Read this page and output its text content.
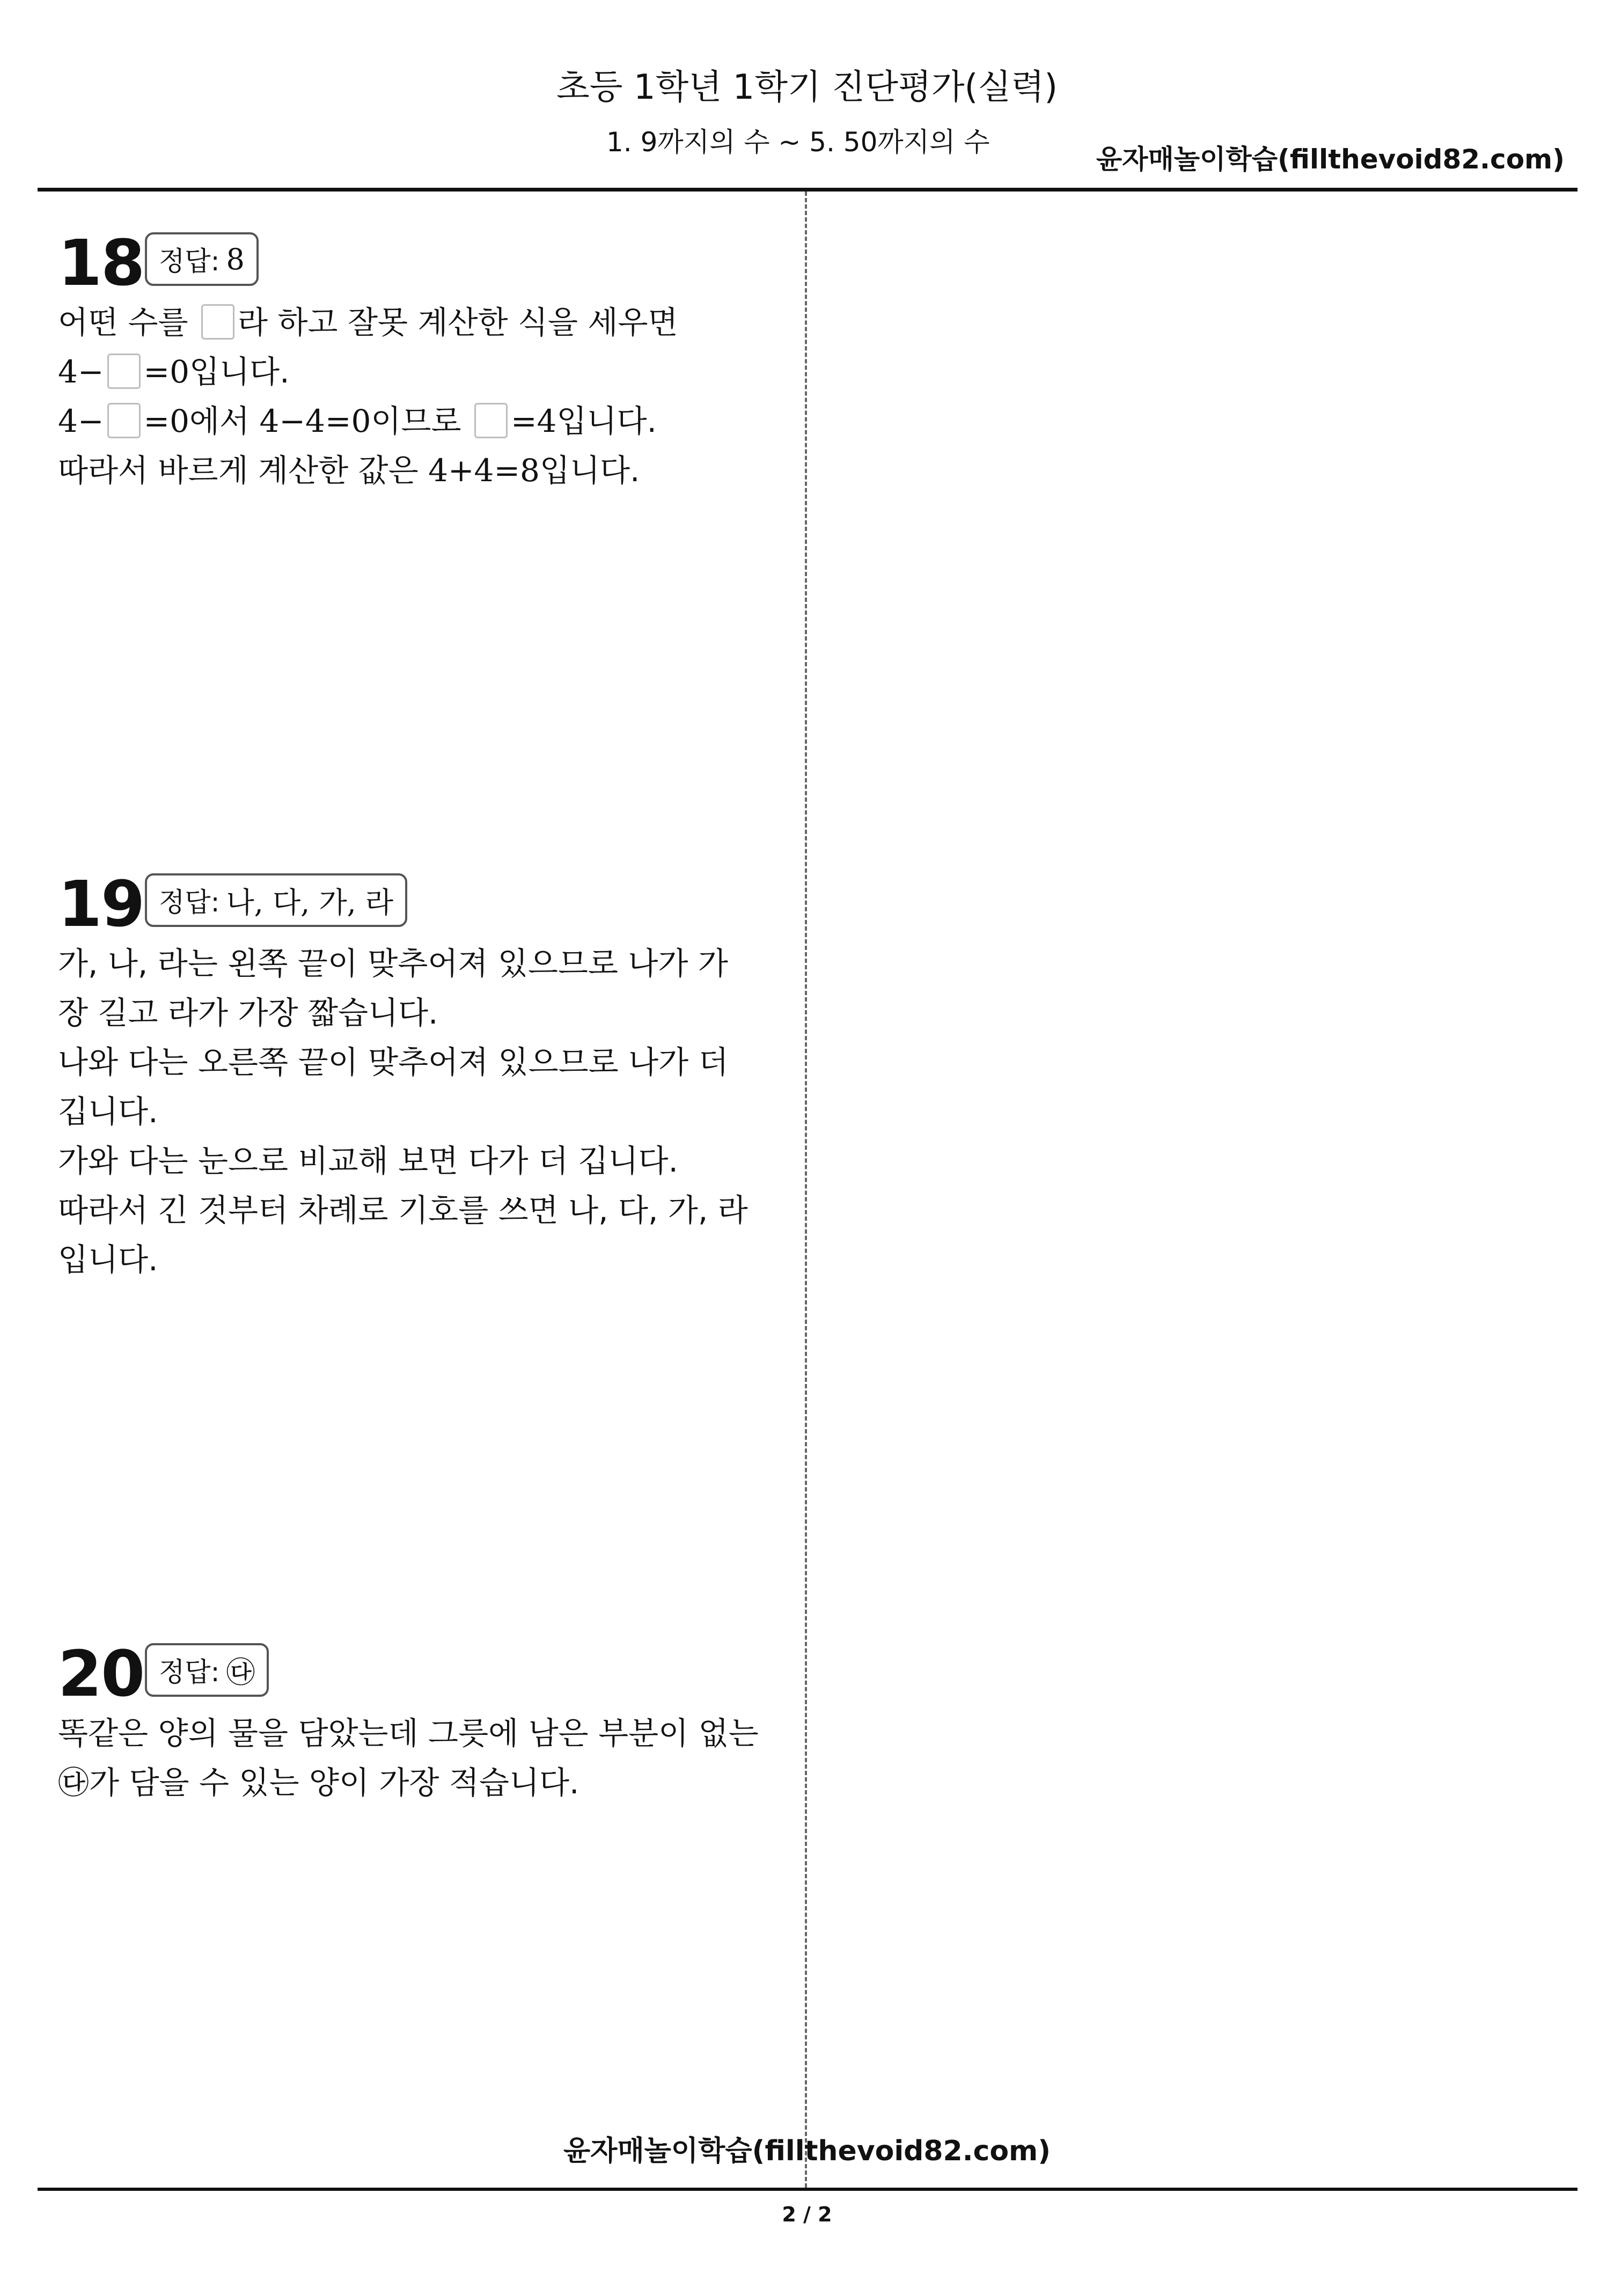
초등 1학년 1학기 진단평가(실력)
1. 9까지의 수 ~ 5. 50까지의 수
윤자매놀이학습(fillthevoid82.com)
18 정답: 8
어떤 수를 라 하고 잘못 계산한 식을 세우면
4− =0입니다.
4− =0에서 4−4=0이므로 =4입니다.
따라서 바르게 계산한 값은 4+4=8입니다.
19 정답: 나, 다, 가, 라
가, 나, 라는 왼쪽 끝이 맞추어져 있으므로 나가 가
장 길고 라가 가장 짧습니다.
나와 다는 오른쪽 끝이 맞추어져 있으므로 나가 더
깁니다.
가와 다는 눈으로 비교해 보면 다가 더 깁니다.
따라서 긴 것부터 차례로 기호를 쓰면 나, 다, 가, 라
입니다.
20 정답: ㉰
똑같은 양의 물을 담았는데 그릇에 남은 부분이 없는
㉰가 담을 수 있는 양이 가장 적습니다.
윤자매놀이학습(fillthevoid82.com)
2 / 2
